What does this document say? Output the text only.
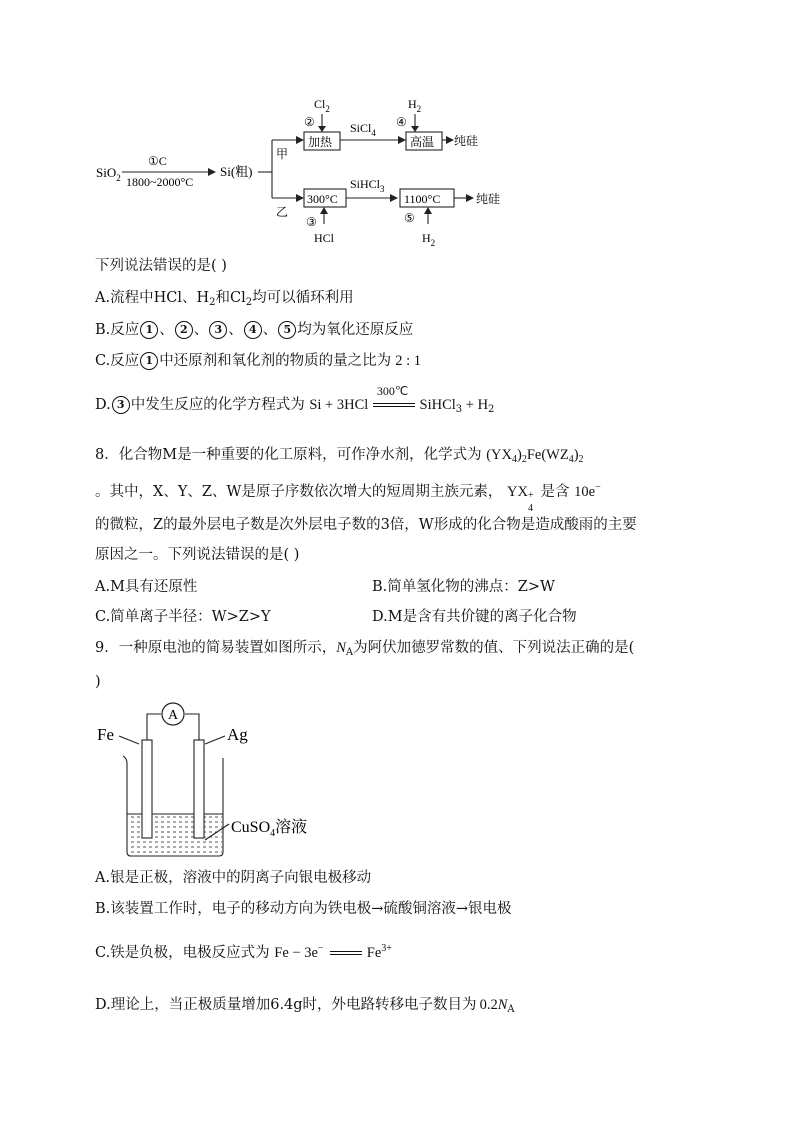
SiO$_2$
①C
1800~2000°C
Si(粗)
甲
乙
$Cl_2$
②
加热
SiCl$_4$
$H_2$
④
高温 纯硅
300°C
SiHCl$_3$
1100°C	纯硅
③
HCl
⑤
$H_2$
下列说法错误的是( )
A.流程中HCl、$H_2$和$Cl_2$均可以循环利用
B.反应 1 、 2 、 3 、 4 、 5 均为氧化还原反应
C.反应 1 中还原剂和氧化剂的物质的量之比为 2 : 1
D. 3 中发生反应的化学方程式为 Si + 3HCl
300℃
SiHCl$_3$ + $H_2$
8．化合物M是一种重要的化工原料，可作净水剂，化学式为 $(YX_4)_2Fe(WZ_4)_2$
。其中，X、Y、Z、W是原子序数依次增大的短周期主族元素， YX +
4
是含 10e−
的微粒，Z的最外层电子数是次外层电子数的3倍，W形成的化合物是造成酸雨的主要
原因之一。下列说法错误的是( )
A.M具有还原性	B.简单氢化物的沸点：Z>W
C.简单离子半径：W>Z>Y	D.M是含有共价键的离子化合物
9．一种原电池的简易装置如图所示，$N_A$为阿伏加德罗常数的值、下列说法正确的是(
)
A
Fe	Ag
CuSO$_4$溶液
A.银是正极，溶液中的阴离子向银电极移动
B.该装置工作时，电子的移动方向为铁电极→硫酸铜溶液→银电极
C.铁是负极，电极反应式为 Fe − 3e−	$Fe^{3+}$
D.理论上，当正极质量增加6.4g时，外电路转移电子数目为 $0.2N_A$
